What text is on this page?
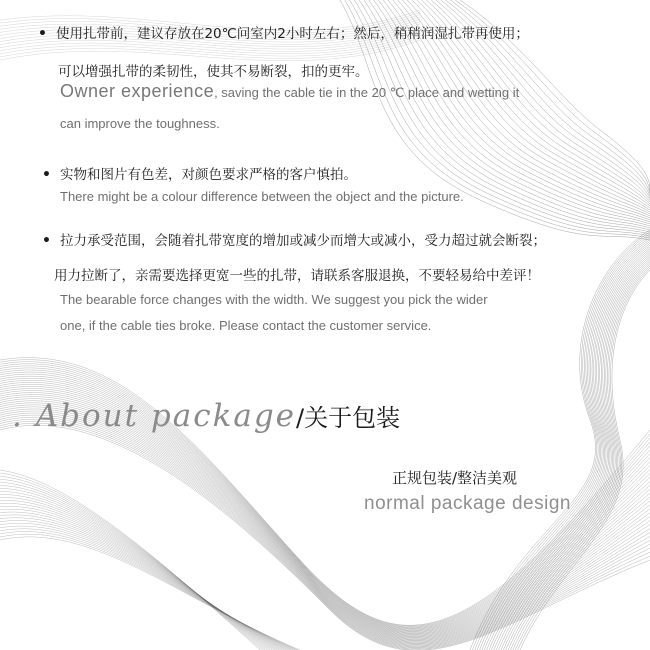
• 使用扎带前，建议存放在20℃问室内2小时左右；然后，稍稍润湿扎带再使用；
可以增强扎带的柔韧性，使其不易断裂，扣的更牢。
Owner experience, saving the cable tie in the 20 ℃ place and wetting it
can improve the toughness.
• 实物和图片有色差，对颜色要求严格的客户慎拍。
There might be a colour difference between the object and the picture.
• 拉力承受范围，会随着扎带宽度的增加或减少而增大或减小，受力超过就会断裂；
用力拉断了，亲需要选择更宽一些的扎带，请联系客服退换，不要轻易给中差评！
The bearable force changes with the width. We suggest you pick the wider
one, if the cable ties broke. Please contact the customer service.
. About package/关于包装
正规包装/整洁美观
normal package design
